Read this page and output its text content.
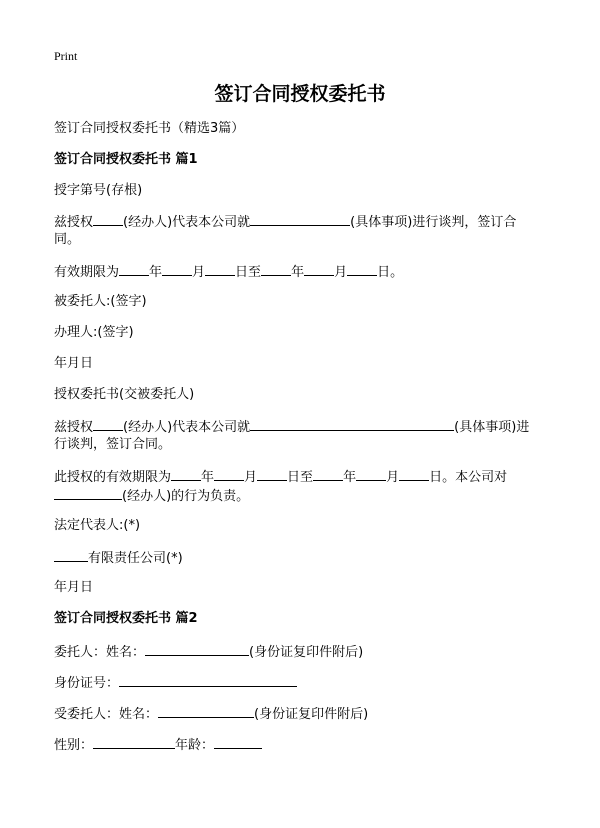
Print
签订合同授权委托书
签订合同授权委托书（精选3篇）
签订合同授权委托书 篇1
授字第号(存根)
兹授权 (经办人)代表本公司就	(具体事项)进行谈判，签订合
同。
有效期限为 年 月 日至 年 月 日。
被委托人:(签字)
办理人:(签字)
年月日
授权委托书(交被委托人)
兹授权 (经办人)代表本公司就	(具体事项)进
行谈判，签订合同。
此授权的有效期限为 年 月 日至 年 月 日。本公司对
(经办人)的行为负责。
法定代表人:(*)
有限责任公司(*)
年月日
签订合同授权委托书 篇2
委托人：姓名：	(身份证复印件附后)
身份证号：
受委托人：姓名：	(身份证复印件附后)
性别：	年龄：
